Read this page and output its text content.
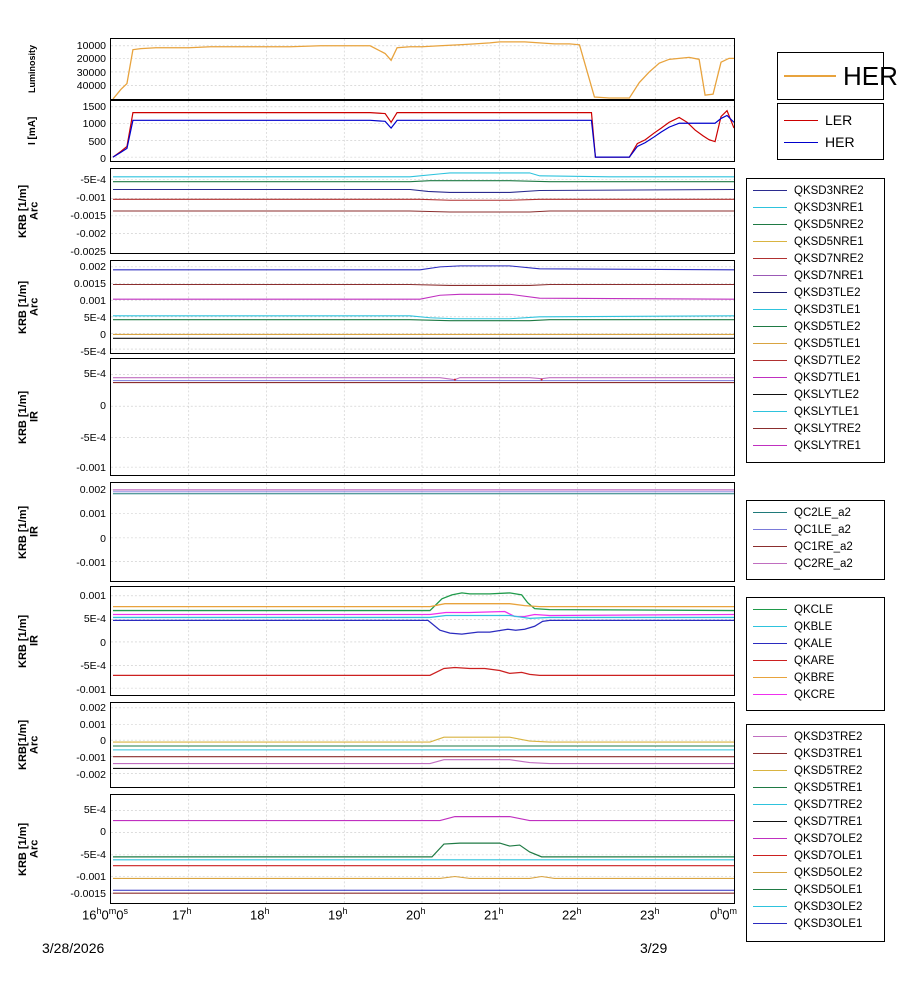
Luminosity
I [mA]
KRB [1/m]
Arc
KRB [1/m]
Arc
KRB [1/m]
IR
KRB [1/m]
IR
KRB [1/m]
IR
KRB[1/m]
Arc
KRB [1/m]
Arc
40000
30000
20000
10000
1500
1000
500
0
-5E-4
-0.001
-0.0015
-0.002
-0.0025
0.002
0.0015
0.001
5E-4
0
-5E-4
5E-4
0
-5E-4
-0.001
0.002
0.001
0
-0.001
0.001
5E-4
0
-5E-4
-0.001
0.002
0.001
0
-0.001
-0.002
5E-4
0
-5E-4
-0.001
-0.0015
16$^h$0$^m$0$^s$	17$^h$	18$^h$	19$^h$	20$^h$	21$^h$	22$^h$	23$^h$	0$^h$0$^m$
3/28/2026	3/29
HER
LER
HER
QKSD3NRE2
QKSD3NRE1
QKSD5NRE2
QKSD5NRE1
QKSD7NRE2
QKSD7NRE1
QKSD3TLE2
QKSD3TLE1
QKSD5TLE2
QKSD5TLE1
QKSD7TLE2
QKSD7TLE1
QKSLYTLE2
QKSLYTLE1
QKSLYTRE2
QKSLYTRE1
QC2LE_a2
QC1LE_a2
QC1RE_a2
QC2RE_a2
QKCLE
QKBLE
QKALE
QKARE
QKBRE
QKCRE
QKSD3TRE2
QKSD3TRE1
QKSD5TRE2
QKSD5TRE1
QKSD7TRE2
QKSD7TRE1
QKSD7OLE2
QKSD7OLE1
QKSD5OLE2
QKSD5OLE1
QKSD3OLE2
QKSD3OLE1
